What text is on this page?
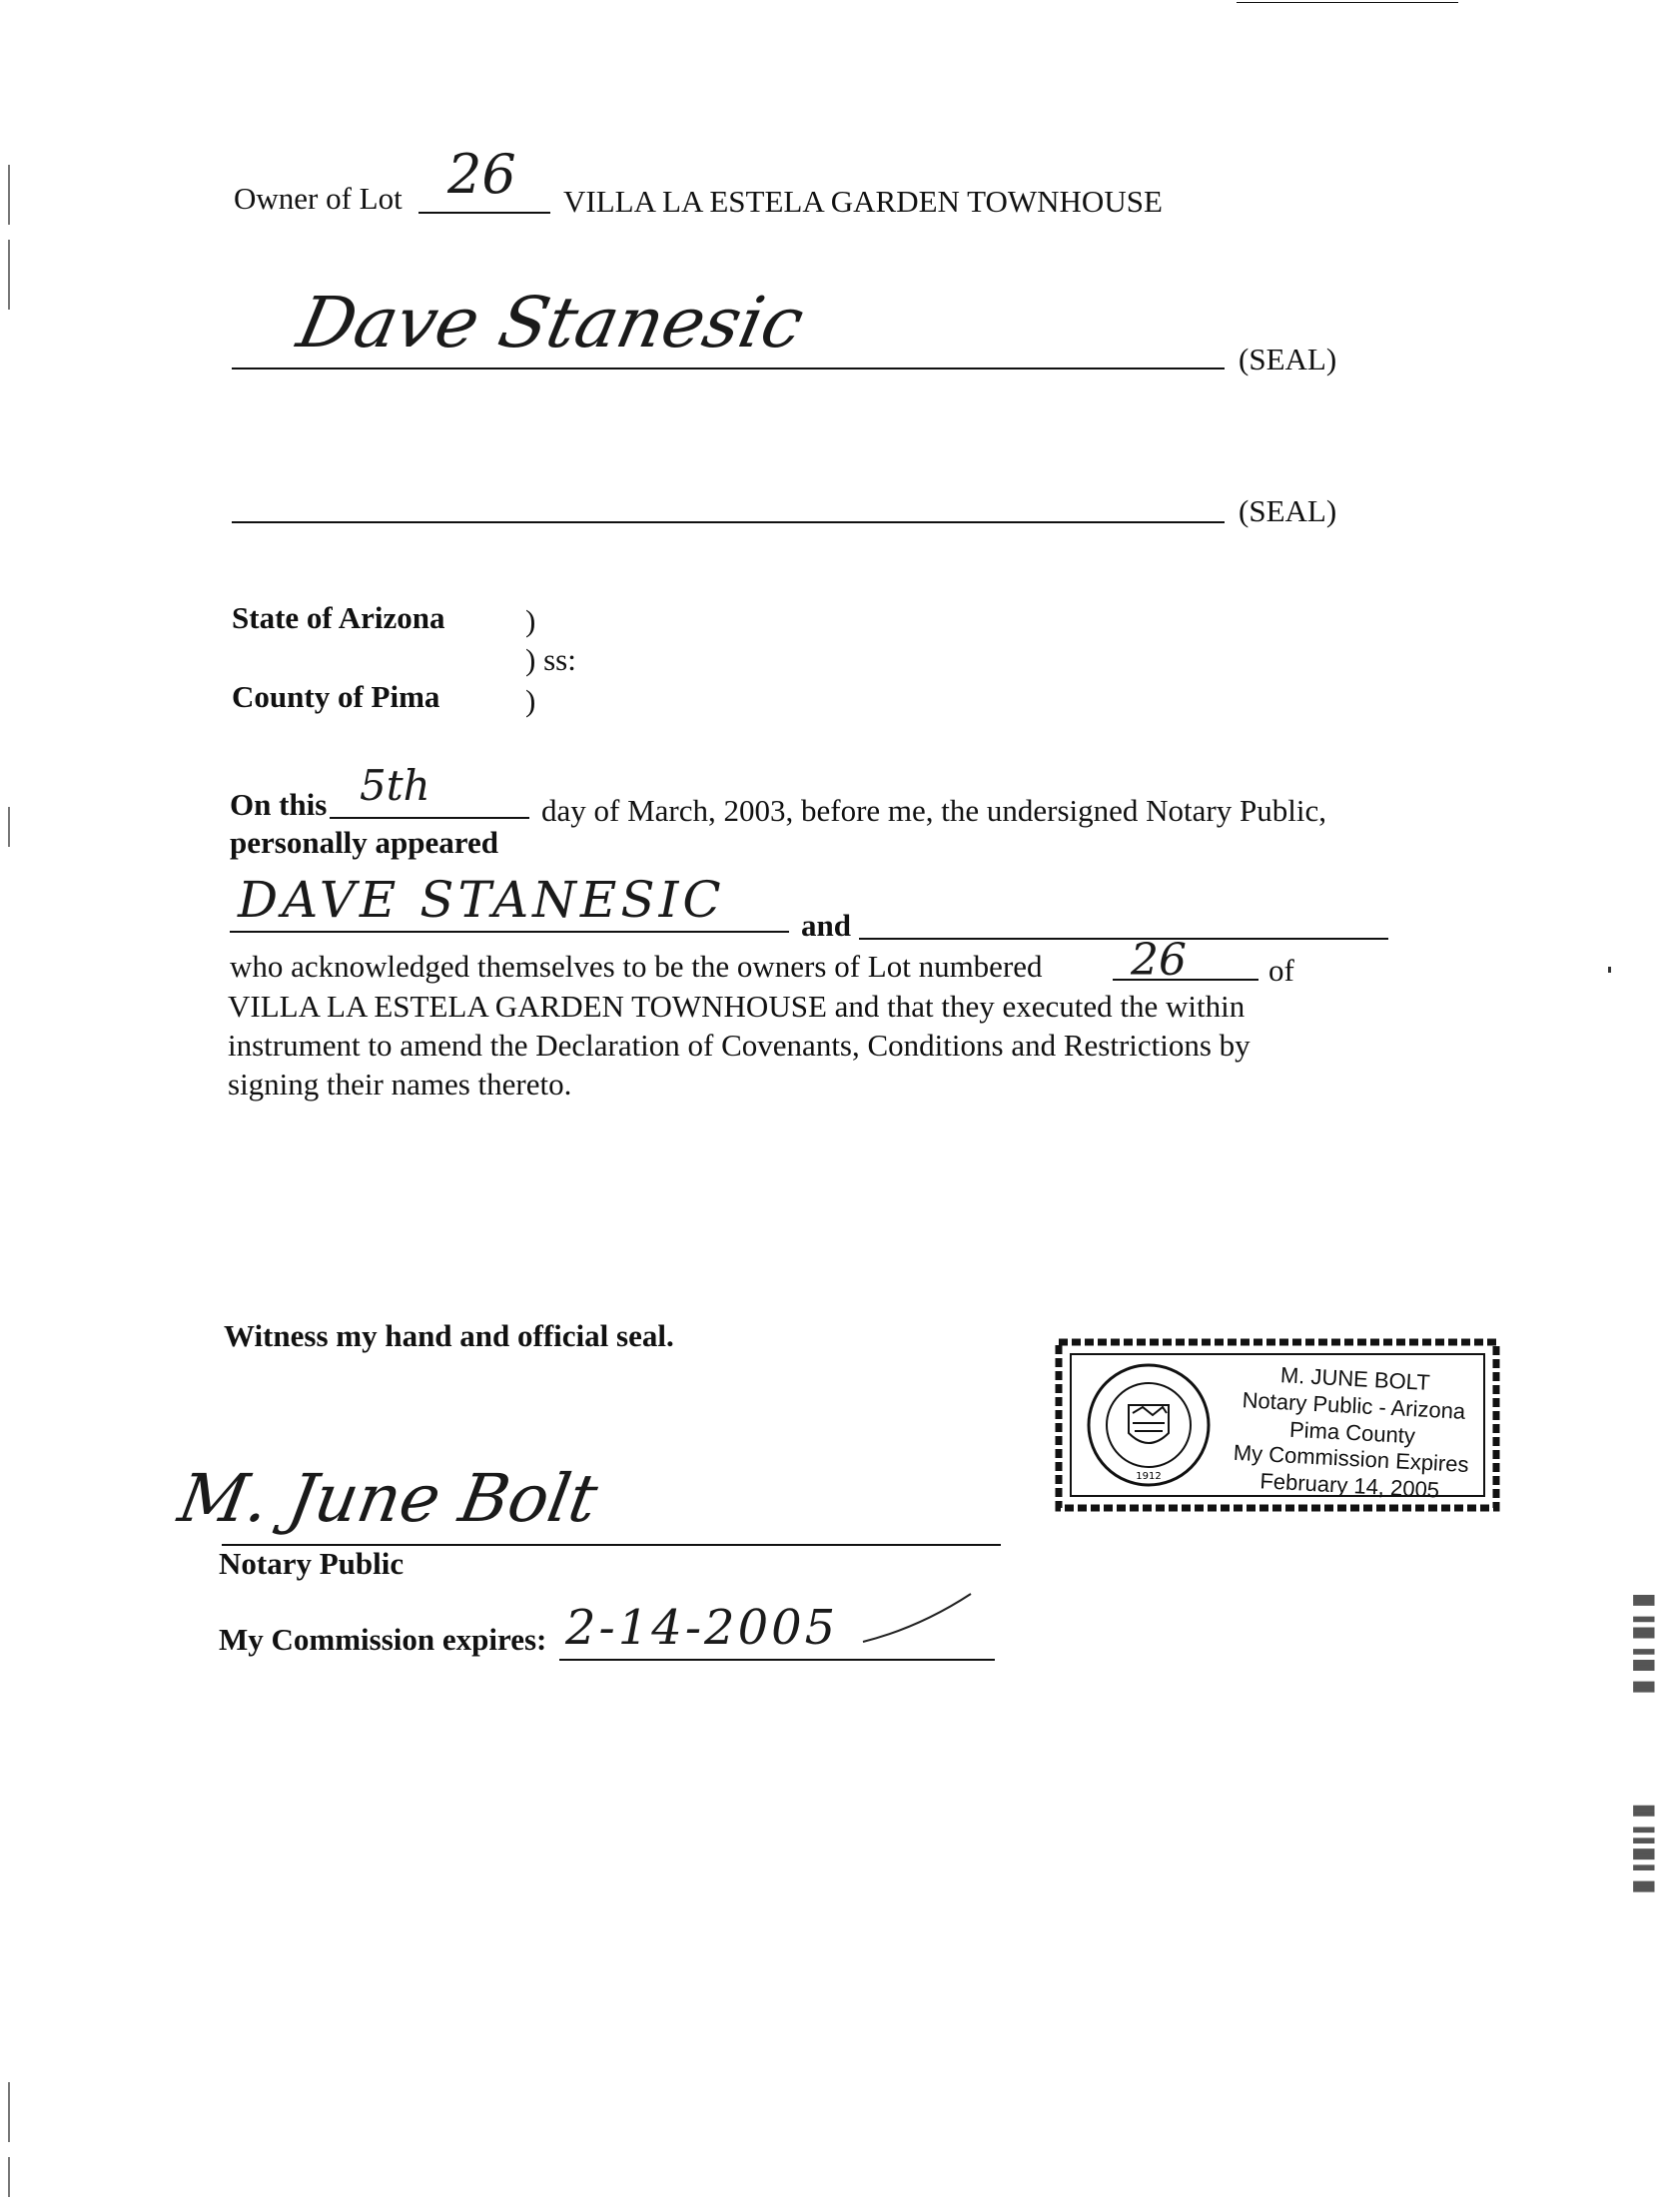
Owner of Lot 26 VILLA LA ESTELA GARDEN TOWNHOUSE
Dave Stanesic	(SEAL)
(SEAL)
State of Arizona	)
) ss:
County of Pima	)
On this 5th
day of March, 2003, before me, the undersigned Notary Public,
personally appeared
DAVE STANESIC and
who acknowledged themselves to be the owners of Lot numbered 26	of
VILLA LA ESTELA GARDEN TOWNHOUSE and that they executed the within
instrument to amend the Declaration of Covenants, Conditions and Restrictions by
signing their names thereto.
Witness my hand and official seal.
M. June Bolt
Notary Public
My Commission expires: 2-14-2005
1912
M. JUNE BOLT
Notary Public - Arizona
Pima County
My Commission Expires
February 14, 2005
▐▌▐▌▌▐▌▌▐▌
▐▌▐▐▌▌▌▐▌
